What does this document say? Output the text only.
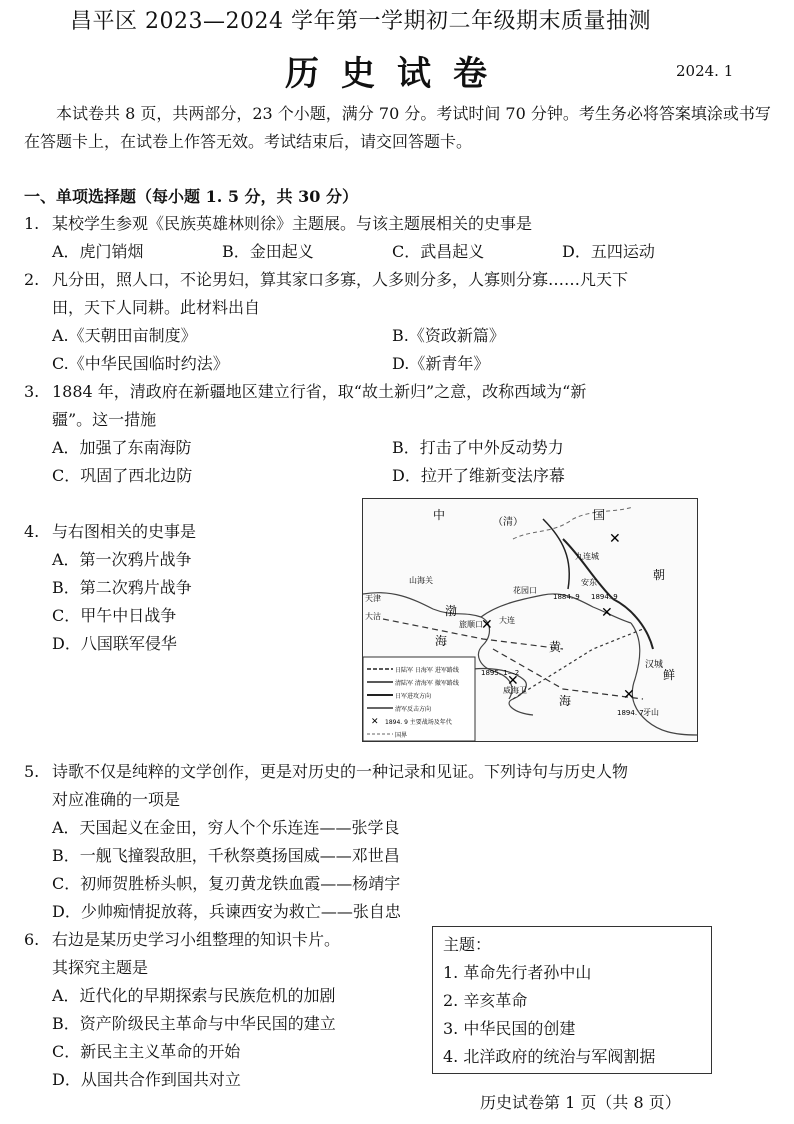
昌平区 2023—2024 学年第一学期初二年级期末质量抽测
历史试卷	2024. 1
本试卷共 8 页，共两部分，23 个小题，满分 70 分。考试时间 70 分钟。考生务必将答案填涂或书写在答题卡上，在试卷上作答无效。考试结束后，请交回答题卡。
一、单项选择题（每小题 1. 5 分，共 30 分）
1. 某校学生参观《民族英雄林则徐》主题展。与该主题展相关的史事是
A．虎门销烟	B．金田起义	C．武昌起义	D．五四运动
2. 凡分田，照人口，不论男妇，算其家口多寡，人多则分多，人寡则分寡……凡天下
田，天下人同耕。此材料出自
A.《天朝田亩制度》	B.《资政新篇》
C.《中华民国临时约法》	D.《新青年》
3. 1884 年，清政府在新疆地区建立行省，取“故土新归”之意，改称西域为“新
疆”。这一措施
A．加强了东南海防	B．打击了中外反动势力
C．巩固了西北边防	D．拉开了维新变法序幕
4. 与右图相关的史事是
A．第一次鸦片战争
B．第二次鸦片战争
C．甲午中日战争
D．八国联军侵华
✕
✕
✕
✕
✕
中
（清）
国
朝
鲜
渤
海	黄
海
天津
大沽
山海关
花园口
旅顺口 大连
威海卫
九连城
安东
汉城
牙山
1884. 9 1894. 9
1895. 1—2
1894. 7
✕
日陆军 日海军 进军路线
清陆军 清海军 撤军路线
日军进攻方向
清军反击方向
1894. 9 主要战场及年代
国界
5. 诗歌不仅是纯粹的文学创作，更是对历史的一种记录和见证。下列诗句与历史人物
对应准确的一项是
A．天国起义在金田，穷人个个乐连连——张学良
B．一舰飞撞裂敌胆，千秋祭奠扬国威——邓世昌
C．初师贺胜桥头帜，复刃黄龙铁血霞——杨靖宇
D．少帅痴情捉放蒋，兵谏西安为救亡——张自忠
6. 右边是某历史学习小组整理的知识卡片。
其探究主题是
A．近代化的早期探索与民族危机的加剧
B．资产阶级民主革命与中华民国的建立
C．新民主主义革命的开始
D．从国共合作到国共对立
主题：
1. 革命先行者孙中山
2. 辛亥革命
3. 中华民国的创建
4. 北洋政府的统治与军阀割据
历史试卷第 1 页（共 8 页）
